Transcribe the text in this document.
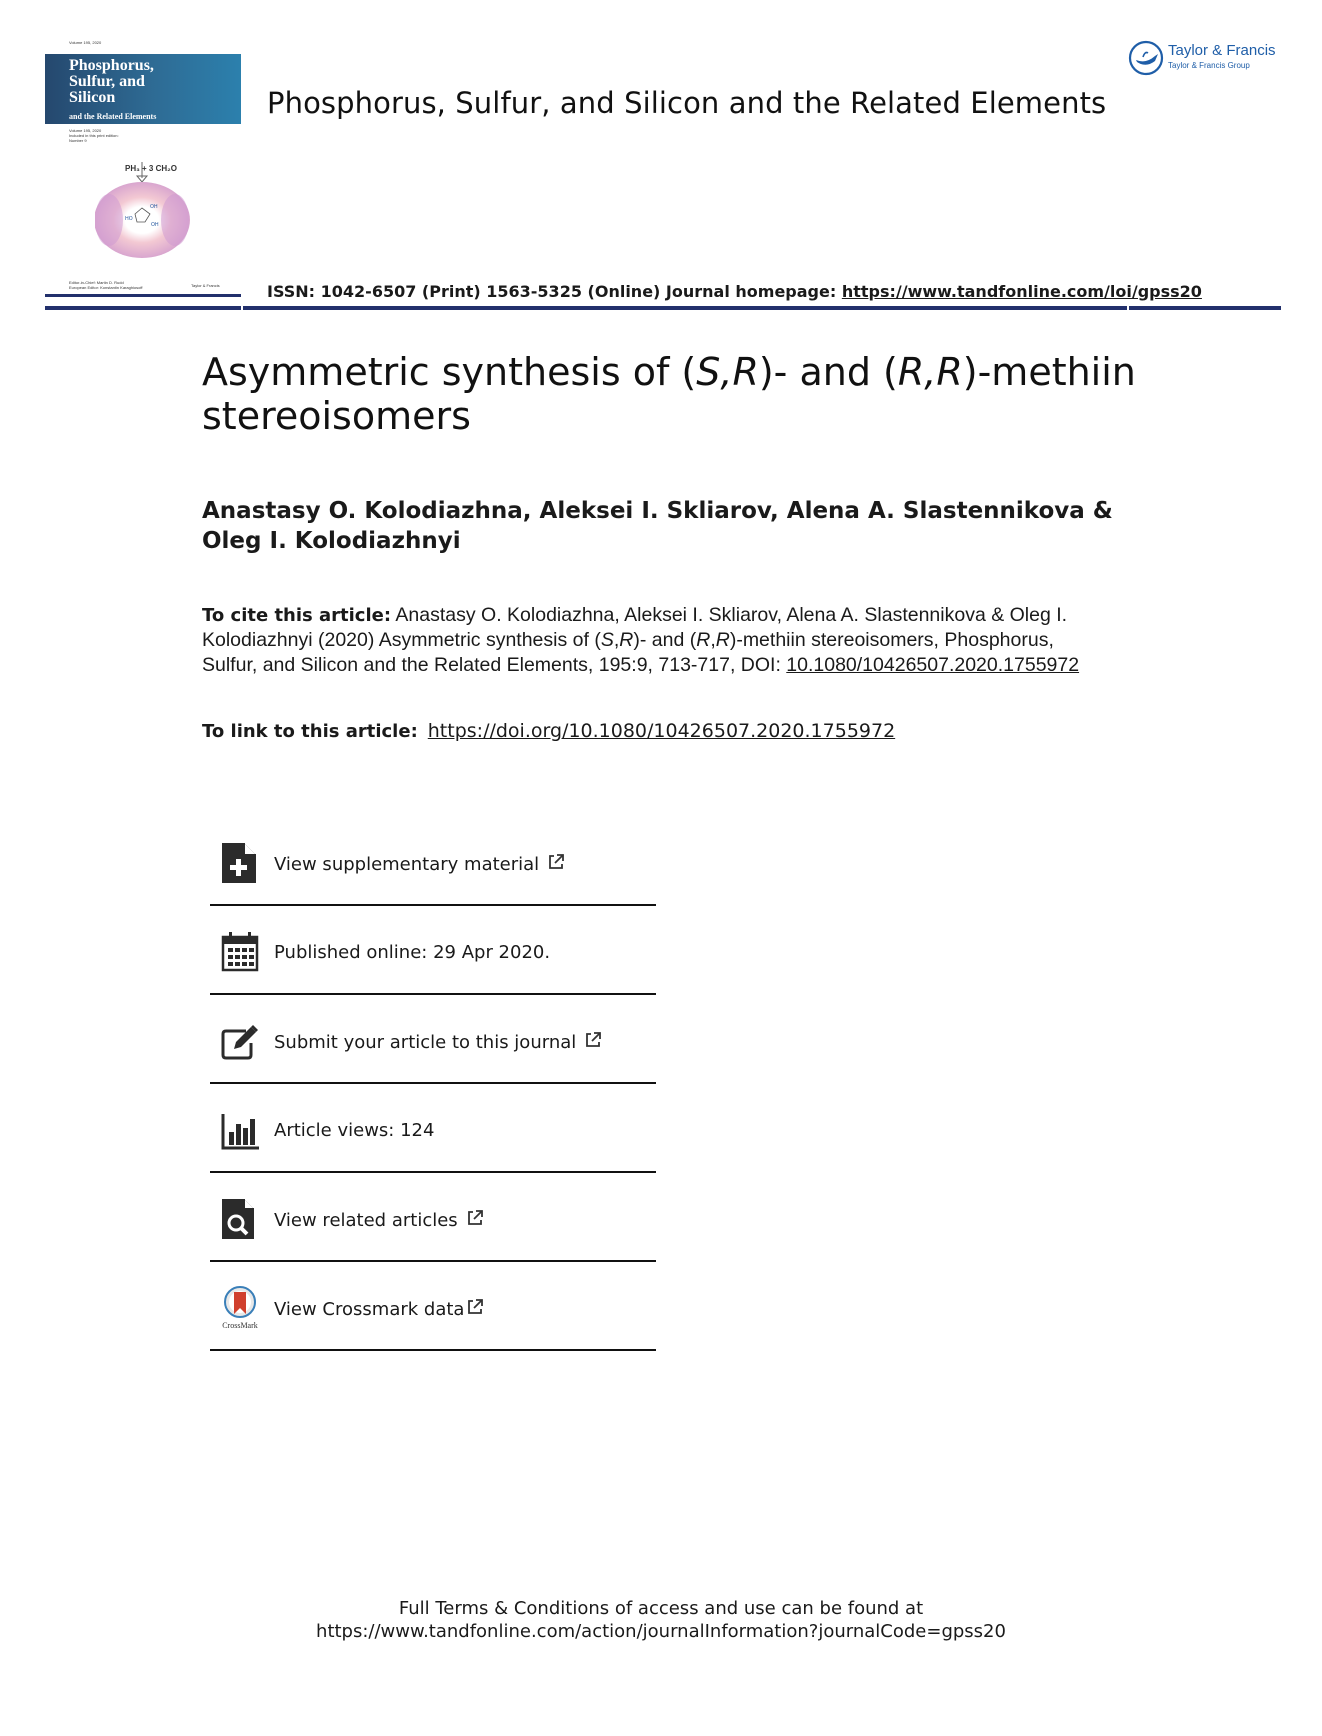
Volume 195, 2020
Phosphorus,
Sulfur, and
Silicon
and the Related Elements
Volume 195, 2020
Included in this print edition:
Number 9
PH₃ + 3 CH₂O
HO
OH
OH
Editor-in-Chief: Martin D. Rudd
European Editor: Konstantin Karaghiosoff	Taylor & Francis
Phosphorus, Sulfur, and Silicon and the Related Elements
ISSN: 1042-6507 (Print) 1563-5325 (Online) Journal homepage: https://www.tandfonline.com/loi/gpss20
Taylor & Francis
Taylor & Francis Group
Asymmetric synthesis of (S,R)- and (R,R)-methiin stereoisomers
Anastasy O. Kolodiazhna, Aleksei I. Skliarov, Alena A. Slastennikova & Oleg I. Kolodiazhnyi
To cite this article: Anastasy O. Kolodiazhna, Aleksei I. Skliarov, Alena A. Slastennikova & Oleg I. Kolodiazhnyi (2020) Asymmetric synthesis of (S,R)- and (R,R)-methiin stereoisomers, Phosphorus, Sulfur, and Silicon and the Related Elements, 195:9, 713-717, DOI: 10.1080/10426507.2020.1755972
To link to this article: https://doi.org/10.1080/10426507.2020.1755972
View supplementary material
Published online: 29 Apr 2020.
Submit your article to this journal
Article views: 124
View related articles
CrossMark
View Crossmark data
Full Terms & Conditions of access and use can be found at
https://www.tandfonline.com/action/journalInformation?journalCode=gpss20
